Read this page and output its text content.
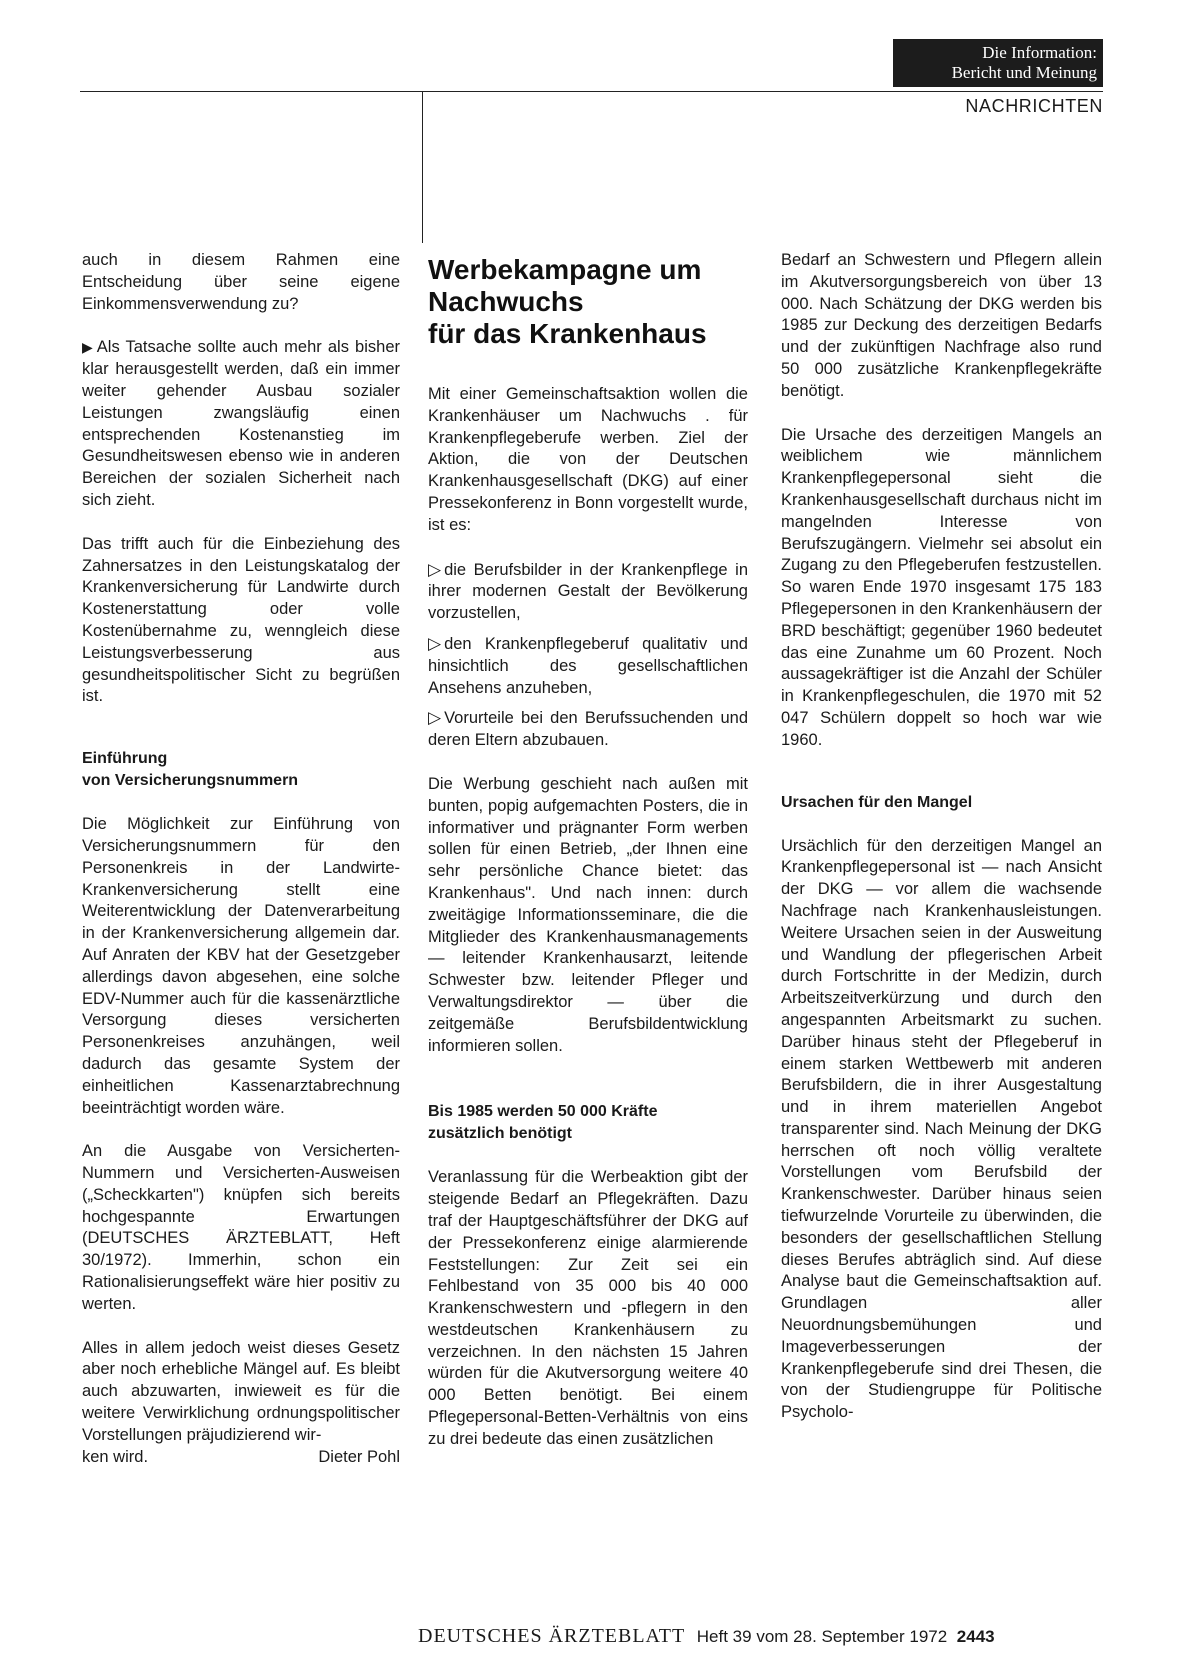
Die Information:
Bericht und Meinung
NACHRICHTEN

auch in diesem Rahmen eine Entscheidung über seine eigene Einkommensverwendung zu?

▶ Als Tatsache sollte auch mehr als bisher klar herausgestellt werden, daß ein immer weiter gehender Ausbau sozialer Leistungen zwangsläufig einen entsprechenden Kostenanstieg im Gesundheitswesen ebenso wie in anderen Bereichen der sozialen Sicherheit nach sich zieht.

Das trifft auch für die Einbeziehung des Zahnersatzes in den Leistungskatalog der Krankenversicherung für Landwirte durch Kostenerstattung oder volle Kostenübernahme zu, wenngleich diese Leistungsverbesserung aus gesundheitspolitischer Sicht zu begrüßen ist.

Einführung
von Versicherungsnummern

Die Möglichkeit zur Einführung von Versicherungsnummern für den Personenkreis in der Landwirte-Krankenversicherung stellt eine Weiterentwicklung der Datenverarbeitung in der Krankenversicherung allgemein dar. Auf Anraten der KBV hat der Gesetzgeber allerdings davon abgesehen, eine solche EDV-Nummer auch für die kassenärztliche Versorgung dieses versicherten Personenkreises anzuhängen, weil dadurch das gesamte System der einheitlichen Kassenarztabrechnung beeinträchtigt worden wäre.

An die Ausgabe von Versicherten-Nummern und Versicherten-Ausweisen („Scheckkarten") knüpfen sich bereits hochgespannte Erwartungen (DEUTSCHES ÄRZTEBLATT, Heft 30/1972). Immerhin, schon ein Rationalisierungseffekt wäre hier positiv zu werten.

Alles in allem jedoch weist dieses Gesetz aber noch erhebliche Mängel auf. Es bleibt auch abzuwarten, inwieweit es für die weitere Verwirklichung ordnungspolitischer Vorstellungen präjudizierend wir-

ken wird.	Dieter Pohl
Werbekampagne um
Nachwuchs
für das Krankenhaus

Mit einer Gemeinschaftsaktion wollen die Krankenhäuser um Nachwuchs . für Krankenpflegeberufe werben. Ziel der Aktion, die von der Deutschen Krankenhausgesellschaft (DKG) auf einer Pressekonferenz in Bonn vorgestellt wurde, ist es:

▷ die Berufsbilder in der Krankenpflege in ihrer modernen Gestalt der Bevölkerung vorzustellen,

▷ den Krankenpflegeberuf qualitativ und hinsichtlich des gesellschaftlichen Ansehens anzuheben,

▷ Vorurteile bei den Berufssuchenden und deren Eltern abzubauen.

Die Werbung geschieht nach außen mit bunten, popig aufgemachten Posters, die in informativer und prägnanter Form werben sollen für einen Betrieb, „der Ihnen eine sehr persönliche Chance bietet: das Krankenhaus". Und nach innen: durch zweitägige Informationsseminare, die die Mitglieder des Krankenhausmanagements — leitender Krankenhausarzt, leitende Schwester bzw. leitender Pfleger und Verwaltungsdirektor — über die zeitgemäße Berufsbildentwicklung informieren sollen.

Bis 1985 werden 50 000 Kräfte
zusätzlich benötigt

Veranlassung für die Werbeaktion gibt der steigende Bedarf an Pflegekräften. Dazu traf der Hauptgeschäftsführer der DKG auf der Pressekonferenz einige alarmierende Feststellungen: Zur Zeit sei ein Fehlbestand von 35 000 bis 40 000 Krankenschwestern und -pflegern in den westdeutschen Krankenhäusern zu verzeichnen. In den nächsten 15 Jahren würden für die Akutversorgung weitere 40 000 Betten benötigt. Bei einem Pflegepersonal-Betten-Verhältnis von eins zu drei bedeute das einen zusätzlichen

Bedarf an Schwestern und Pflegern allein im Akutversorgungsbereich von über 13 000. Nach Schätzung der DKG werden bis 1985 zur Deckung des derzeitigen Bedarfs und der zukünftigen Nachfrage also rund 50 000 zusätzliche Krankenpflegekräfte benötigt.

Die Ursache des derzeitigen Mangels an weiblichem wie männlichem Krankenpflegepersonal sieht die Krankenhausgesellschaft durchaus nicht im mangelnden Interesse von Berufszugängern. Vielmehr sei absolut ein Zugang zu den Pflegeberufen festzustellen. So waren Ende 1970 insgesamt 175 183 Pflegepersonen in den Krankenhäusern der BRD beschäftigt; gegenüber 1960 bedeutet das eine Zunahme um 60 Prozent. Noch aussagekräftiger ist die Anzahl der Schüler in Krankenpflegeschulen, die 1970 mit 52 047 Schülern doppelt so hoch war wie 1960.

Ursachen für den Mangel

Ursächlich für den derzeitigen Mangel an Krankenpflegepersonal ist — nach Ansicht der DKG — vor allem die wachsende Nachfrage nach Krankenhausleistungen. Weitere Ursachen seien in der Ausweitung und Wandlung der pflegerischen Arbeit durch Fortschritte in der Medizin, durch Arbeitszeitverkürzung und durch den angespannten Arbeitsmarkt zu suchen. Darüber hinaus steht der Pflegeberuf in einem starken Wettbewerb mit anderen Berufsbildern, die in ihrer Ausgestaltung und in ihrem materiellen Angebot transparenter sind. Nach Meinung der DKG herrschen oft noch völlig veraltete Vorstellungen vom Berufsbild der Krankenschwester. Darüber hinaus seien tiefwurzelnde Vorurteile zu überwinden, die besonders der gesellschaftlichen Stellung dieses Berufes abträglich sind. Auf diese Analyse baut die Gemeinschaftsaktion auf. Grundlagen aller Neuordnungsbemühungen und Imageverbesserungen der Krankenpflegeberufe sind drei Thesen, die von der Studiengruppe für Politische Psycholo-

DEUTSCHES ÄRZTEBLATT Heft 39 vom 28. September 1972 2443
